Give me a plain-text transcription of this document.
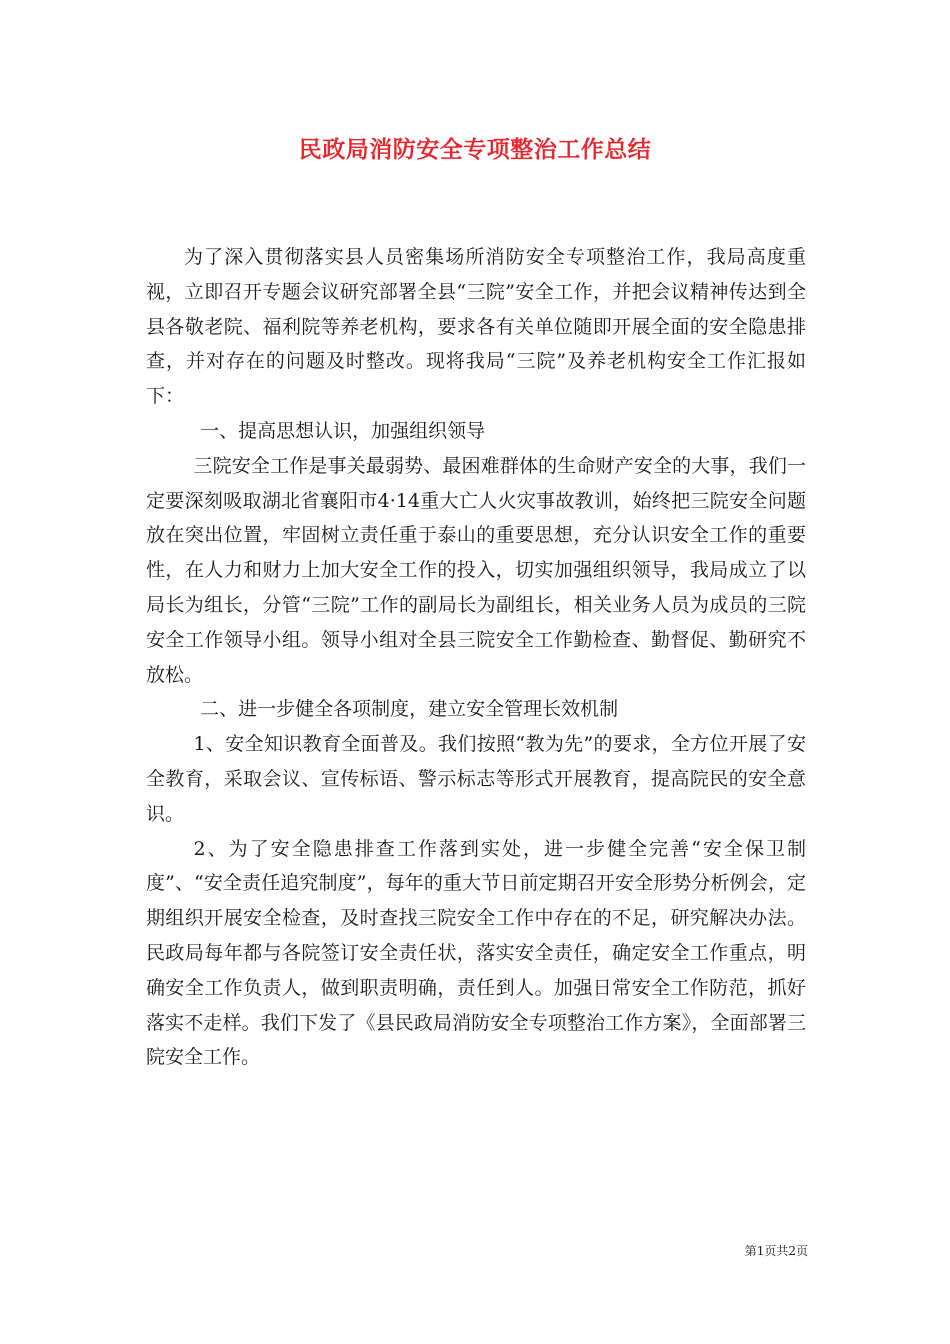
民政局消防安全专项整治工作总结

为了深入贯彻落实县人员密集场所消防安全专项整治工作，我局高度重视，立即召开专题会议研究部署全县“三院”安全工作，并把会议精神传达到全县各敬老院、福利院等养老机构，要求各有关单位随即开展全面的安全隐患排查，并对存在的问题及时整改。现将我局“三院”及养老机构安全工作汇报如下：

一、提高思想认识，加强组织领导

三院安全工作是事关最弱势、最困难群体的生命财产安全的大事，我们一定要深刻吸取湖北省襄阳市4·14重大亡人火灾事故教训，始终把三院安全问题放在突出位置，牢固树立责任重于泰山的重要思想，充分认识安全工作的重要性，在人力和财力上加大安全工作的投入，切实加强组织领导，我局成立了以局长为组长，分管“三院”工作的副局长为副组长，相关业务人员为成员的三院安全工作领导小组。领导小组对全县三院安全工作勤检查、勤督促、勤研究不放松。

二、进一步健全各项制度，建立安全管理长效机制

1、安全知识教育全面普及。我们按照“教为先”的要求，全方位开展了安全教育，采取会议、宣传标语、警示标志等形式开展教育，提高院民的安全意识。

2、为了安全隐患排查工作落到实处，进一步健全完善“安全保卫制度”、“安全责任追究制度”，每年的重大节日前定期召开安全形势分析例会，定期组织开展安全检查，及时查找三院安全工作中存在的不足，研究解决办法。民政局每年都与各院签订安全责任状，落实安全责任，确定安全工作重点，明确安全工作负责人，做到职责明确，责任到人。加强日常安全工作防范，抓好落实不走样。我们下发了《县民政局消防安全专项整治工作方案》，全面部署三院安全工作。

第1页共2页
